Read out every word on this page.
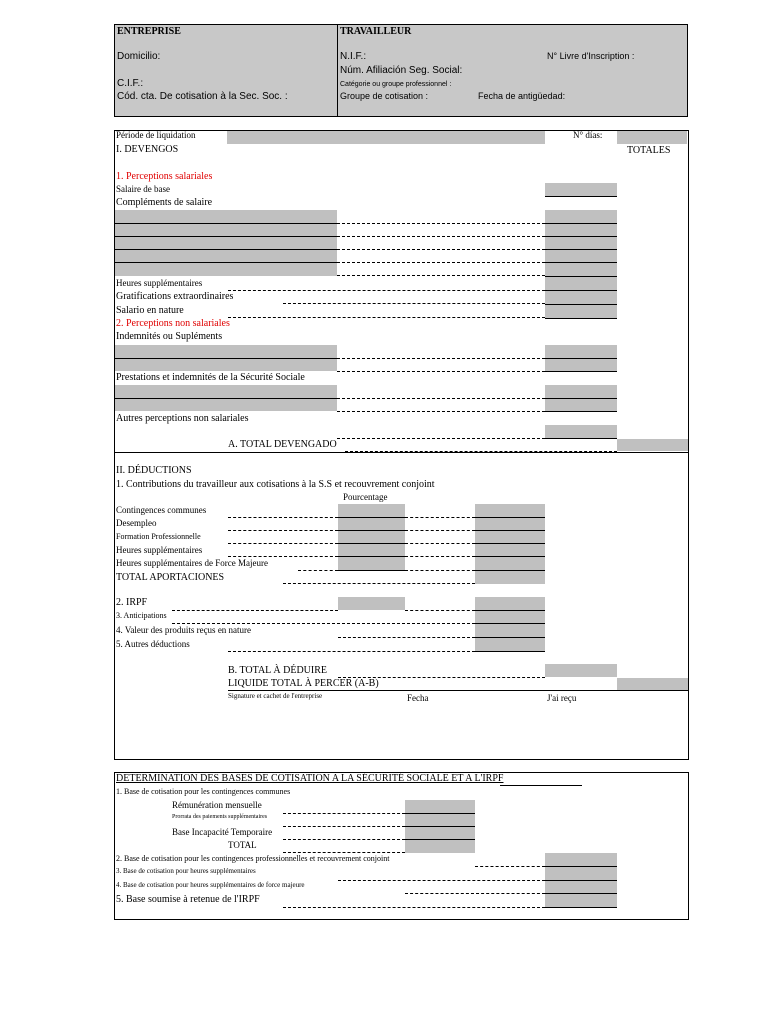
ENTREPRISE
Domicilio:
C.I.F.:
Cód. cta. De cotisation à la Sec. Soc. :
TRAVAILLEUR
N.I.F.:	N° Livre d'Inscription :
Núm. Afiliación Seg. Social:
Catégorie ou groupe professionnel :
Groupe de cotisation :	Fecha de antigüedad:
Période de liquidation	N° días:
I. DEVENGOS	TOTALES
1. Perceptions salariales
Salaire de base
Compléments de salaire
Heures supplémentaires
Gratifications extraordinaires
Salario en nature
2. Perceptions non salariales
Indemnités ou Supléments
Prestations et indemnités de la Sécurité Sociale
Autres perceptions non salariales
A. TOTAL DEVENGADO
II. DÉDUCTIONS
1. Contributions du travailleur aux cotisations à la S.S et recouvrement conjoint
Pourcentage
Contingences communes
Desempleo
Formation Professionnelle
Heures supplémentaires
Heures supplémentaires de Force Majeure
TOTAL APORTACIONES
2. IRPF
3. Anticipations
4. Valeur des produits reçus en nature
5. Autres déductions
B. TOTAL À DÉDUIRE
LIQUIDE TOTAL À PERCER (A-B)
Signature et cachet de l'entreprise	Fecha	J'ai reçu
DETERMINATION DES BASES DE COTISATION A LA SÉCURITÉ SOCIALE ET A L'IRPF
1. Base de cotisation pour les contingences communes
Rémunération mensuelle
Prorrata des paiements supplémentaires
Base Incapacité Temporaire
TOTAL
2. Base de cotisation pour les contingences professionnelles et recouvrement conjoint
3. Base de cotisation pour heures supplémentaires
4. Base de cotisation pour heures supplémentaires de force majeure
5. Base soumise à retenue de l'IRPF
